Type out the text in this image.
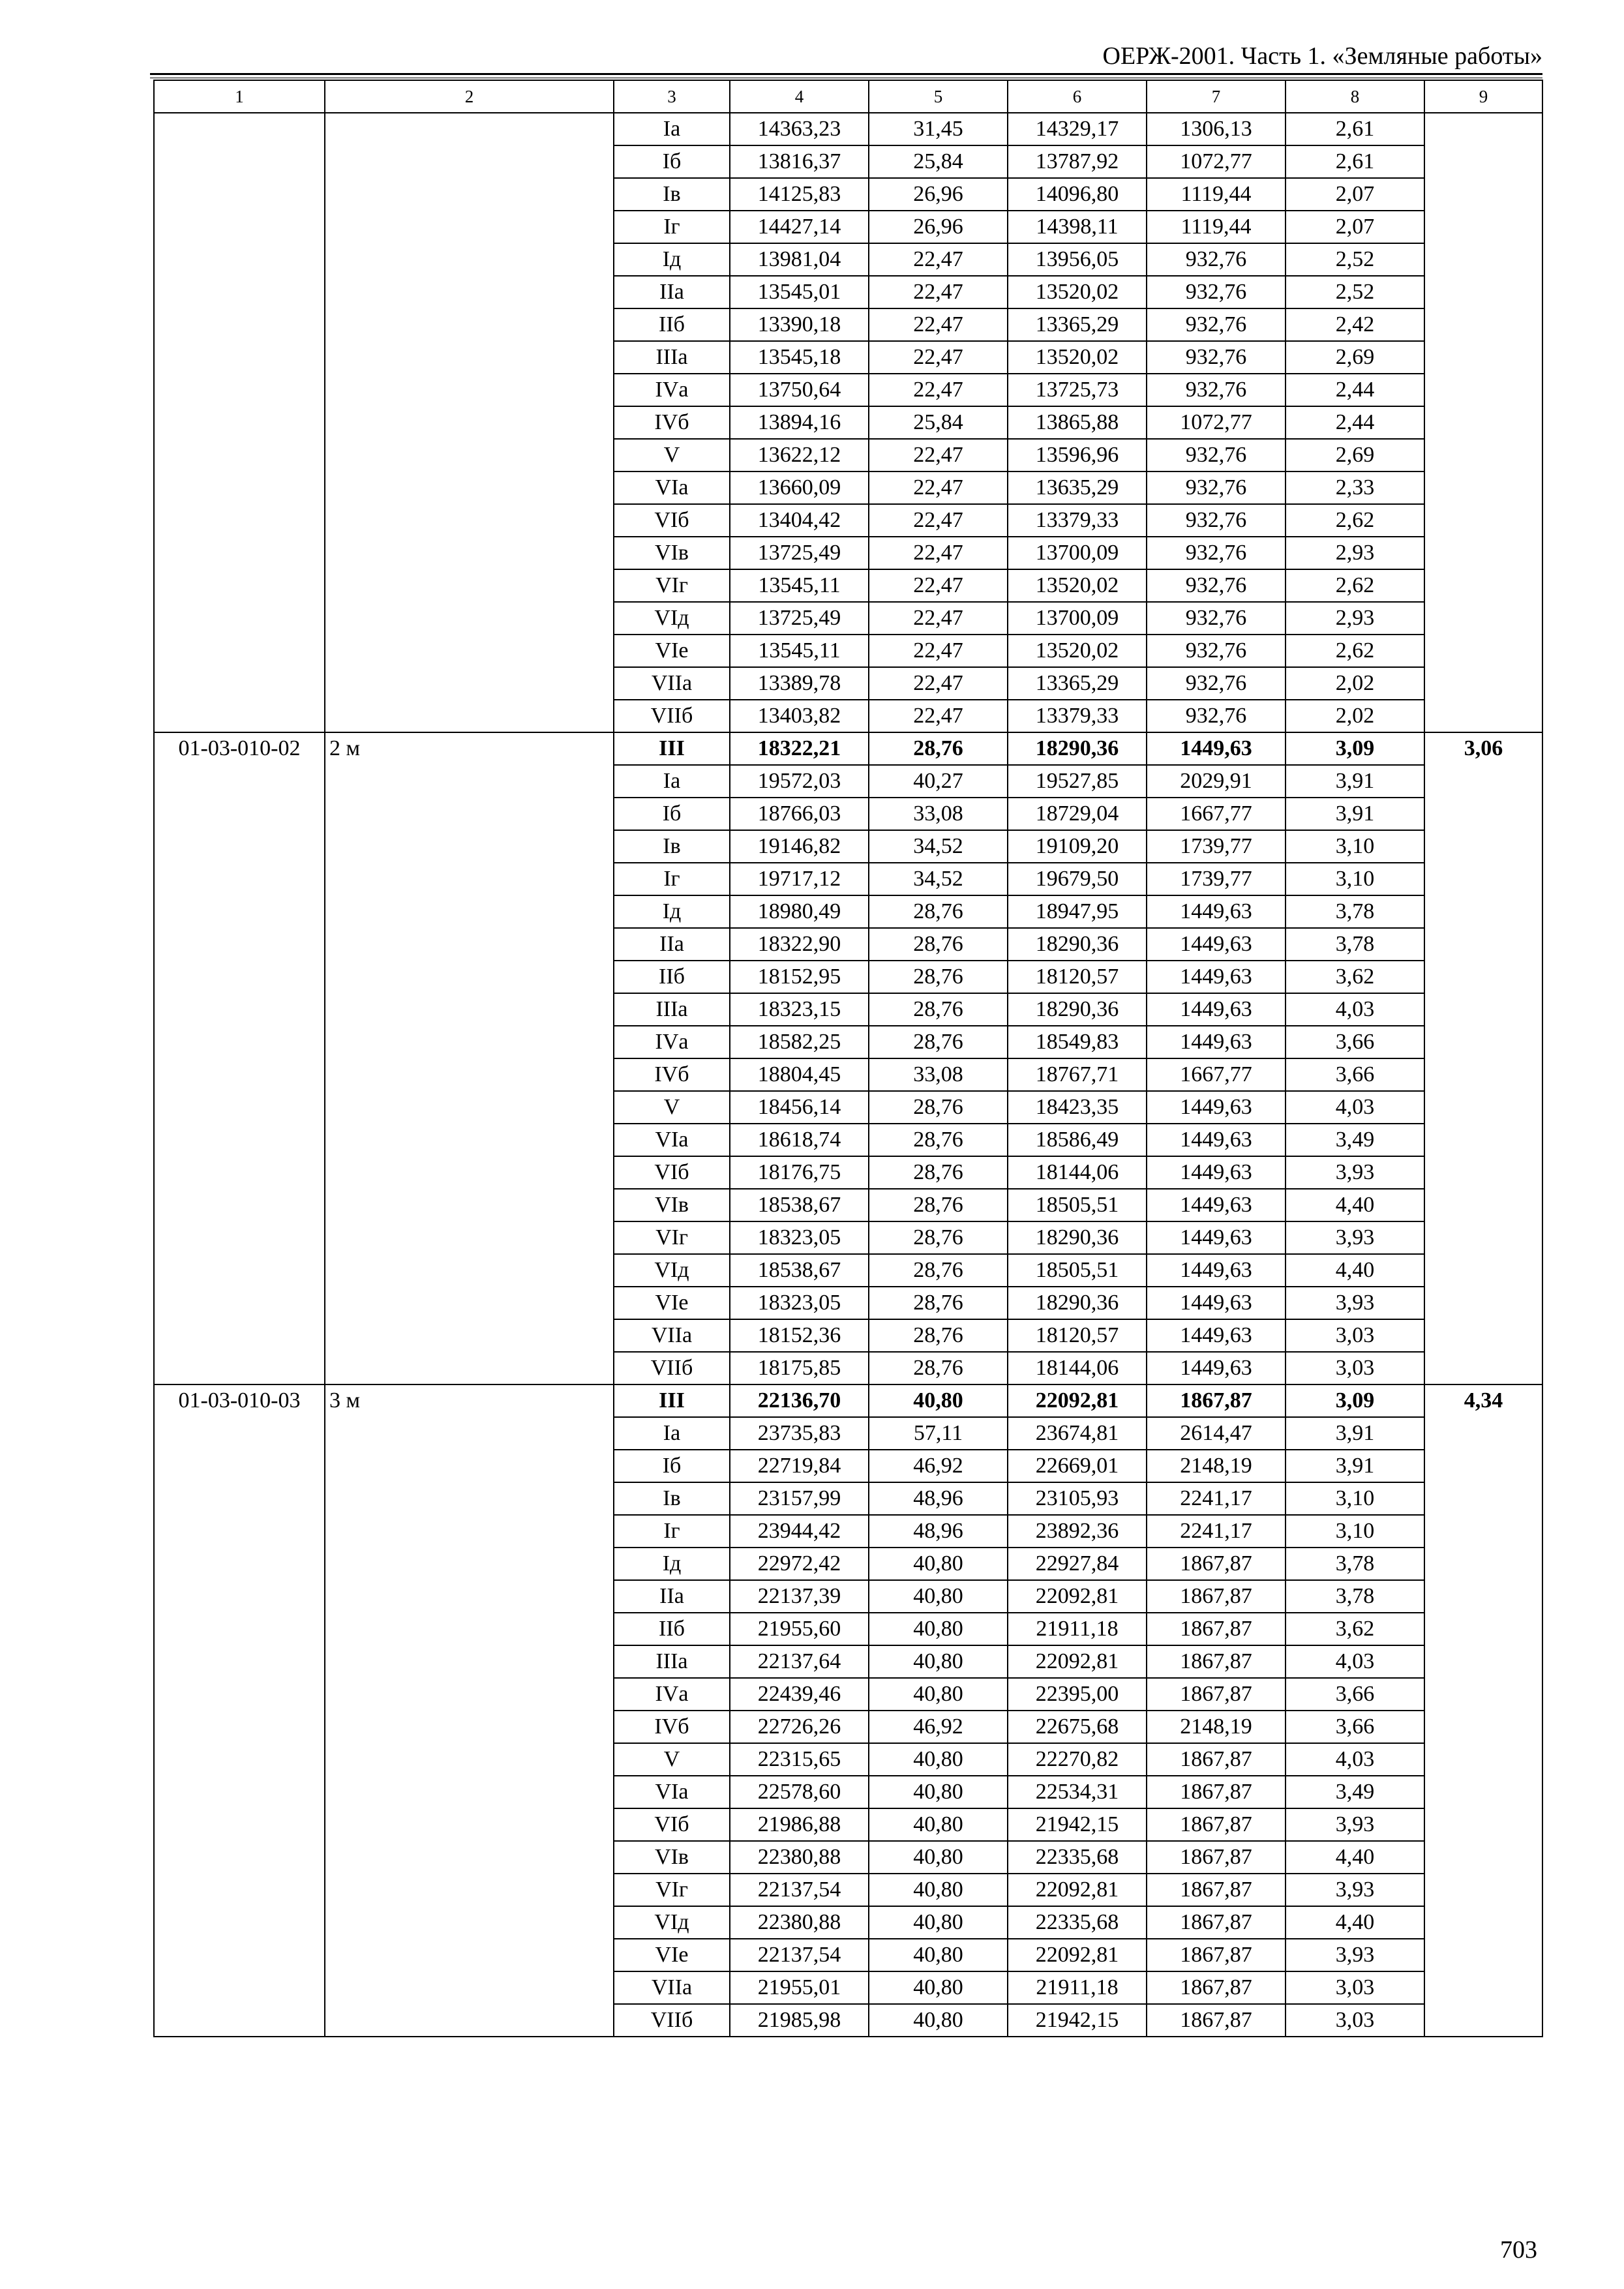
ОЕРЖ-2001. Часть 1. «Земляные работы»
1	2	3	4	5	6	7	8	9
		Iа	14363,23	31,45	14329,17	1306,13	2,61	
		Iб	13816,37	25,84	13787,92	1072,77	2,61	
		Iв	14125,83	26,96	14096,80	1119,44	2,07	
		Iг	14427,14	26,96	14398,11	1119,44	2,07	
		Iд	13981,04	22,47	13956,05	932,76	2,52	
		IIа	13545,01	22,47	13520,02	932,76	2,52	
		IIб	13390,18	22,47	13365,29	932,76	2,42	
		IIIа	13545,18	22,47	13520,02	932,76	2,69	
		IVа	13750,64	22,47	13725,73	932,76	2,44	
		IVб	13894,16	25,84	13865,88	1072,77	2,44	
		V	13622,12	22,47	13596,96	932,76	2,69	
		VIа	13660,09	22,47	13635,29	932,76	2,33	
		VIб	13404,42	22,47	13379,33	932,76	2,62	
		VIв	13725,49	22,47	13700,09	932,76	2,93	
		VIг	13545,11	22,47	13520,02	932,76	2,62	
		VIд	13725,49	22,47	13700,09	932,76	2,93	
		VIе	13545,11	22,47	13520,02	932,76	2,62	
		VIIа	13389,78	22,47	13365,29	932,76	2,02	
		VIIб	13403,82	22,47	13379,33	932,76	2,02	
01-03-010-02	2 м	III	18322,21	28,76	18290,36	1449,63	3,09	3,06
		Iа	19572,03	40,27	19527,85	2029,91	3,91	
		Iб	18766,03	33,08	18729,04	1667,77	3,91	
		Iв	19146,82	34,52	19109,20	1739,77	3,10	
		Iг	19717,12	34,52	19679,50	1739,77	3,10	
		Iд	18980,49	28,76	18947,95	1449,63	3,78	
		IIа	18322,90	28,76	18290,36	1449,63	3,78	
		IIб	18152,95	28,76	18120,57	1449,63	3,62	
		IIIа	18323,15	28,76	18290,36	1449,63	4,03	
		IVа	18582,25	28,76	18549,83	1449,63	3,66	
		IVб	18804,45	33,08	18767,71	1667,77	3,66	
		V	18456,14	28,76	18423,35	1449,63	4,03	
		VIа	18618,74	28,76	18586,49	1449,63	3,49	
		VIб	18176,75	28,76	18144,06	1449,63	3,93	
		VIв	18538,67	28,76	18505,51	1449,63	4,40	
		VIг	18323,05	28,76	18290,36	1449,63	3,93	
		VIд	18538,67	28,76	18505,51	1449,63	4,40	
		VIе	18323,05	28,76	18290,36	1449,63	3,93	
		VIIа	18152,36	28,76	18120,57	1449,63	3,03	
		VIIб	18175,85	28,76	18144,06	1449,63	3,03	
01-03-010-03	3 м	III	22136,70	40,80	22092,81	1867,87	3,09	4,34
		Iа	23735,83	57,11	23674,81	2614,47	3,91	
		Iб	22719,84	46,92	22669,01	2148,19	3,91	
		Iв	23157,99	48,96	23105,93	2241,17	3,10	
		Iг	23944,42	48,96	23892,36	2241,17	3,10	
		Iд	22972,42	40,80	22927,84	1867,87	3,78	
		IIа	22137,39	40,80	22092,81	1867,87	3,78	
		IIб	21955,60	40,80	21911,18	1867,87	3,62	
		IIIа	22137,64	40,80	22092,81	1867,87	4,03	
		IVа	22439,46	40,80	22395,00	1867,87	3,66	
		IVб	22726,26	46,92	22675,68	2148,19	3,66	
		V	22315,65	40,80	22270,82	1867,87	4,03	
		VIа	22578,60	40,80	22534,31	1867,87	3,49	
		VIб	21986,88	40,80	21942,15	1867,87	3,93	
		VIв	22380,88	40,80	22335,68	1867,87	4,40	
		VIг	22137,54	40,80	22092,81	1867,87	3,93	
		VIд	22380,88	40,80	22335,68	1867,87	4,40	
		VIе	22137,54	40,80	22092,81	1867,87	3,93	
		VIIа	21955,01	40,80	21911,18	1867,87	3,03	
		VIIб	21985,98	40,80	21942,15	1867,87	3,03	
703
